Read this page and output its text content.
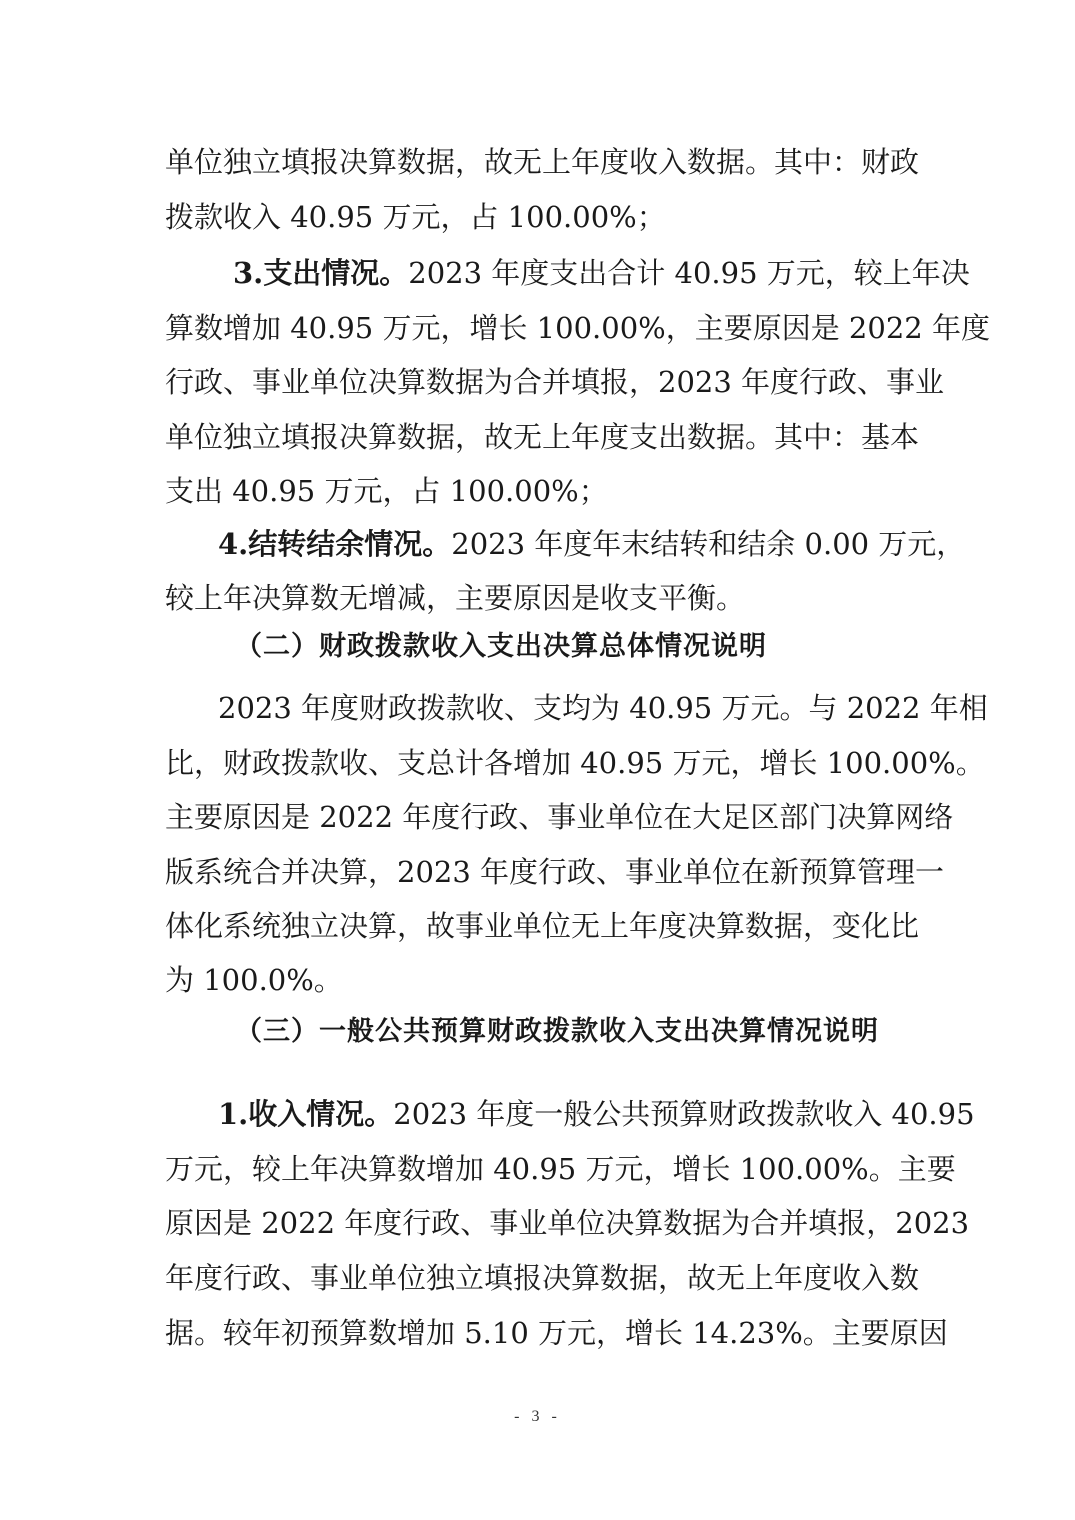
单位独立填报决算数据，故无上年度收入数据。其中：财政
拨款收入 40.95 万元，占 100.00%；
3.支出情况。2023 年度支出合计 40.95 万元，较上年决
算数增加 40.95 万元，增长 100.00%，主要原因是 2022 年度
行政、事业单位决算数据为合并填报，2023 年度行政、事业
单位独立填报决算数据，故无上年度支出数据。其中：基本
支出 40.95 万元，占 100.00%；
4.结转结余情况。2023 年度年末结转和结余 0.00 万元，
较上年决算数无增减，主要原因是收支平衡。
（二）财政拨款收入支出决算总体情况说明
2023 年度财政拨款收、支均为 40.95 万元。与 2022 年相
比，财政拨款收、支总计各增加 40.95 万元，增长 100.00%。
主要原因是 2022 年度行政、事业单位在大足区部门决算网络
版系统合并决算，2023 年度行政、事业单位在新预算管理一
体化系统独立决算，故事业单位无上年度决算数据，变化比
为 100.0%。
（三）一般公共预算财政拨款收入支出决算情况说明
1.收入情况。2023 年度一般公共预算财政拨款收入 40.95
万元，较上年决算数增加 40.95 万元，增长 100.00%。主要
原因是 2022 年度行政、事业单位决算数据为合并填报，2023
年度行政、事业单位独立填报决算数据，故无上年度收入数
据。较年初预算数增加 5.10 万元，增长 14.23%。主要原因
- 3 -
